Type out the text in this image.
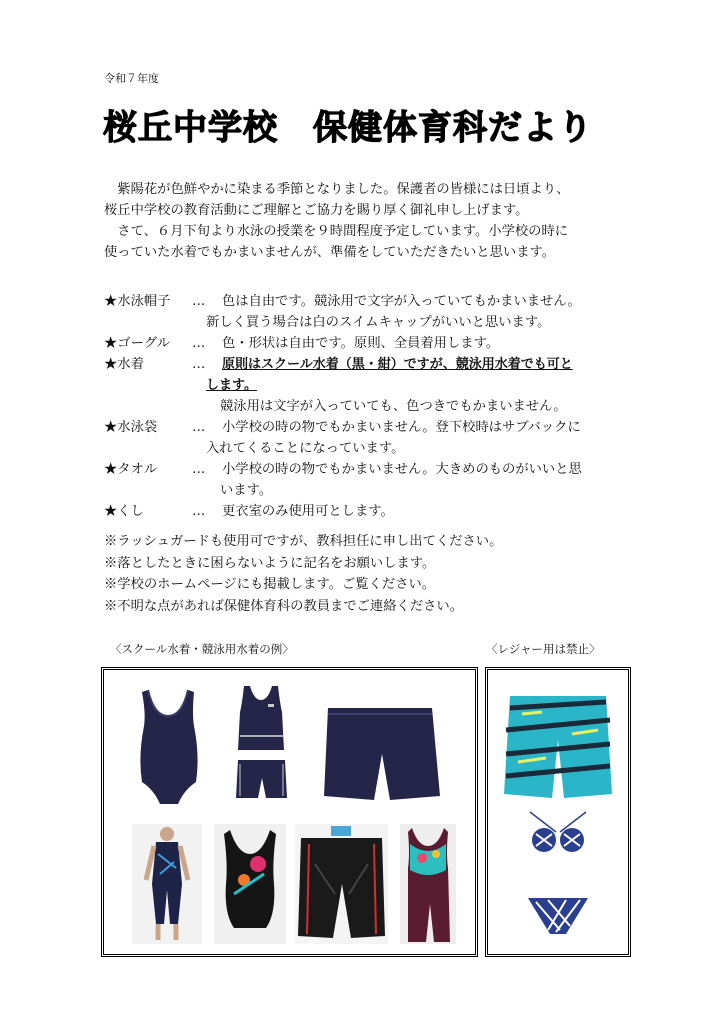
令和７年度
桜丘中学校　保健体育科だより
　紫陽花が色鮮やかに染まる季節となりました。保護者の皆様には日頃より、
桜丘中学校の教育活動にご理解とご協力を賜り厚く御礼申し上げます。
　さて、６月下旬より水泳の授業を９時間程度予定しています。小学校の時に
使っていた水着でもかまいませんが、準備をしていただきたいと思います。
★水泳帽子 … 色は自由です。競泳用で文字が入っていてもかまいません。
新しく買う場合は白のスイムキャップがいいと思います。
★ゴーグル … 色・形状は自由です。原則、全員着用します。
★水着	… 原則はスクール水着（黒・紺）ですが、競泳用水着でも可と
します。
競泳用は文字が入っていても、色つきでもかまいません。
★水泳袋	… 小学校の時の物でもかまいません。登下校時はサブバックに
入れてくることになっています。
★タオル	… 小学校の時の物でもかまいません。大きめのものがいいと思
います。
★くし	… 更衣室のみ使用可とします。
※ラッシュガードも使用可ですが、教科担任に申し出てください。
※落としたときに困らないように記名をお願いします。
※学校のホームページにも掲載します。ご覧ください。
※不明な点があれば保健体育科の教員までご連絡ください。
〈スクール水着・競泳用水着の例〉	〈レジャー用は禁止〉
